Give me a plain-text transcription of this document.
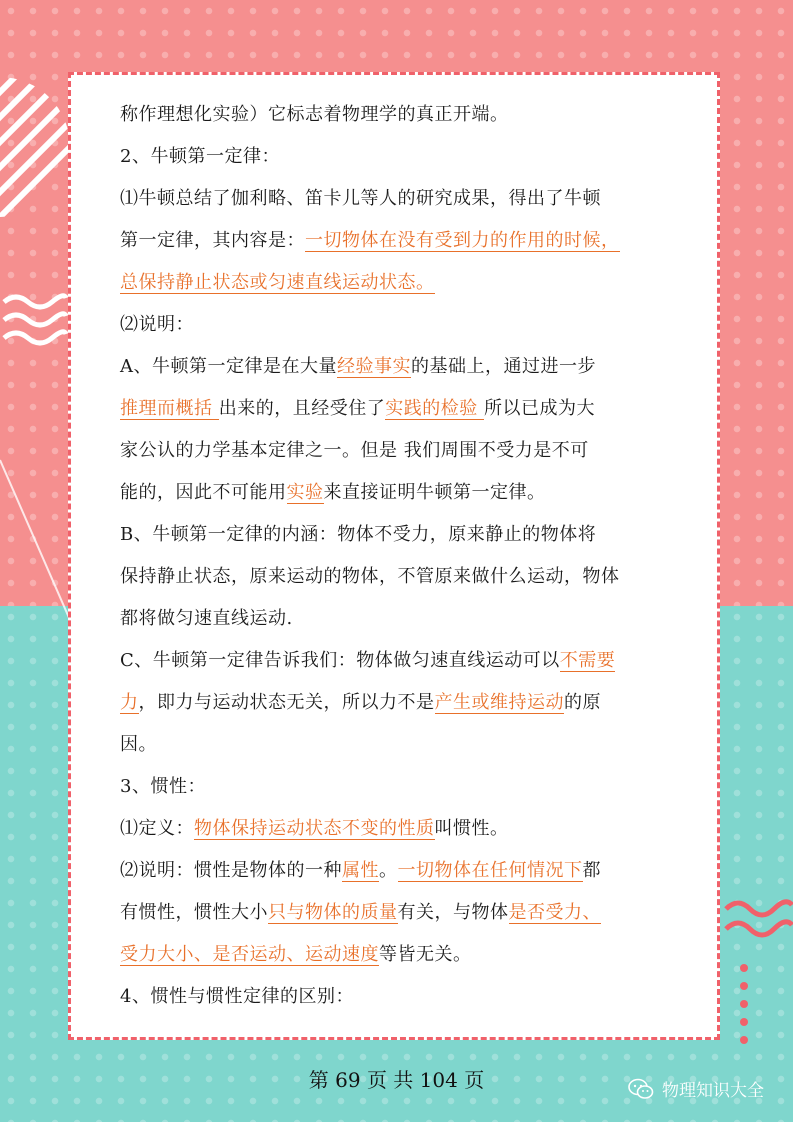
称作理想化实验）它标志着物理学的真正开端。
2、牛顿第一定律：
⑴牛顿总结了伽利略、笛卡儿等人的研究成果，得出了牛顿
第一定律，其内容是：一切物体在没有受到力的作用的时候，
总保持静止状态或匀速直线运动状态。
⑵说明：
A、牛顿第一定律是在大量经验事实的基础上，通过进一步
推理而概括 出来的，且经受住了实践的检验 所以已成为大
家公认的力学基本定律之一。但是 我们周围不受力是不可
能的，因此不可能用实验来直接证明牛顿第一定律。
B、牛顿第一定律的内涵：物体不受力，原来静止的物体将
保持静止状态，原来运动的物体，不管原来做什么运动，物体
都将做匀速直线运动.
C、牛顿第一定律告诉我们：物体做匀速直线运动可以不需要
力，即力与运动状态无关，所以力不是产生或维持运动的原
因。
3、惯性：
⑴定义：物体保持运动状态不变的性质叫惯性。
⑵说明：惯性是物体的一种属性。一切物体在任何情况下都
有惯性，惯性大小只与物体的质量有关，与物体是否受力、
受力大小、是否运动、运动速度等皆无关。
4、惯性与惯性定律的区别：
第 69 页 共 104 页	物理知识大全
